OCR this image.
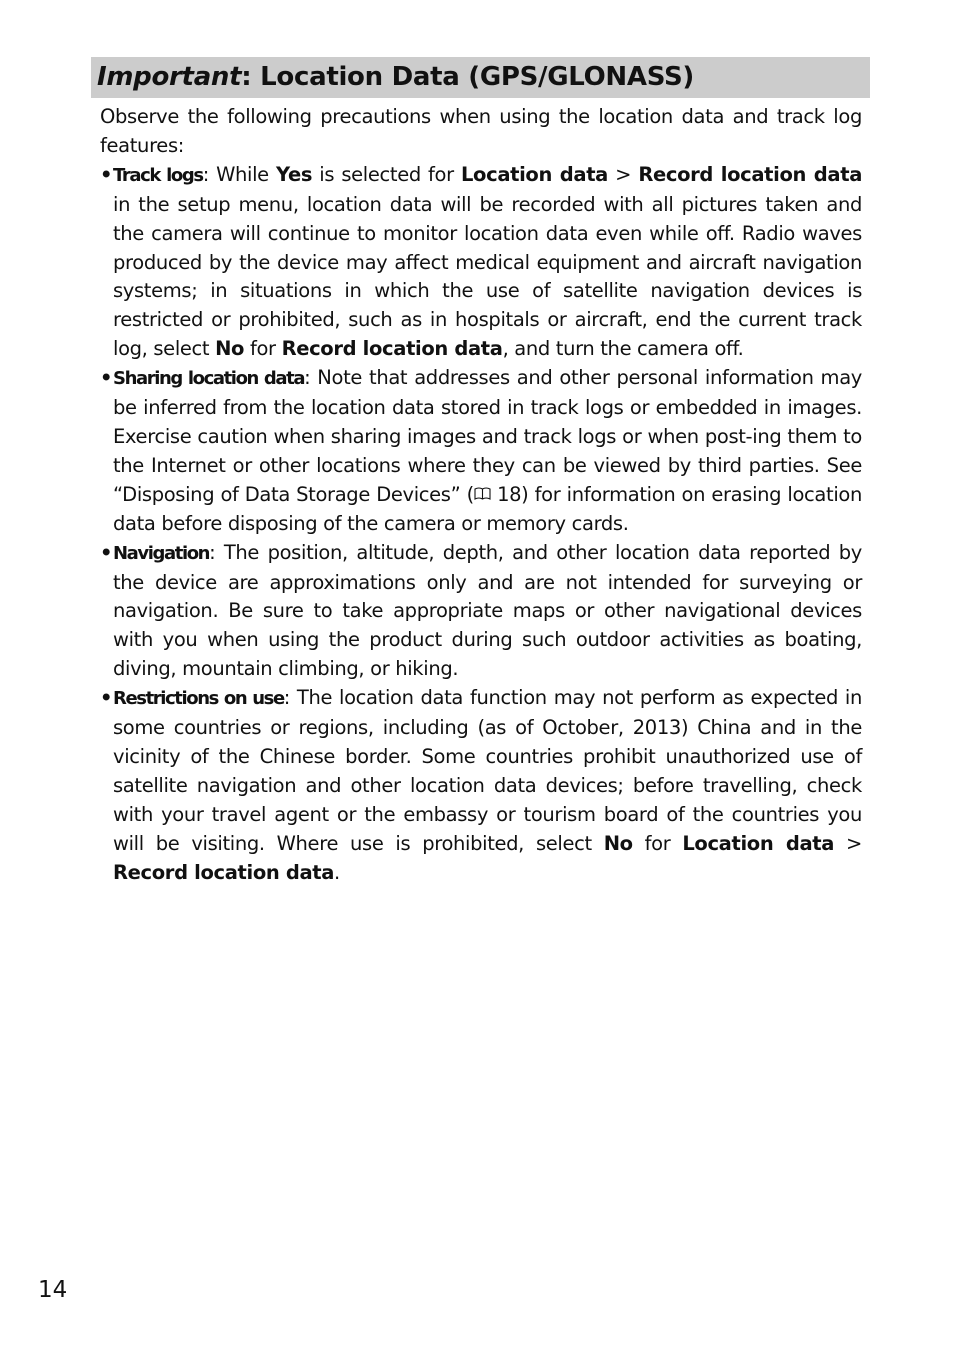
Important: Location Data (GPS/GLONASS)

Observe the following precautions when using the location data and track log features:

• Track logs: While Yes is selected for Location data > Record location data in the setup menu, location data will be recorded with all pictures taken and the camera will continue to monitor location data even while off. Radio waves produced by the device may affect medical equipment and aircraft navigation systems; in situations in which the use of satellite navigation devices is restricted or prohibited, such as in hospitals or aircraft, end the current track log, select No for Record location data, and turn the camera off.
• Sharing location data: Note that addresses and other personal information may be inferred from the location data stored in track logs or embedded in images. Exercise caution when sharing images and track logs or when post-ing them to the Internet or other locations where they can be viewed by third parties. See “Disposing of Data Storage Devices” ( 18) for information on erasing location data before disposing of the camera or memory cards.
• Navigation: The position, altitude, depth, and other location data reported by the device are approximations only and are not intended for surveying or navigation. Be sure to take appropriate maps or other navigational devices with you when using the product during such outdoor activities as boating, diving, mountain climbing, or hiking.
• Restrictions on use: The location data function may not perform as expected in some countries or regions, including (as of October, 2013) China and in the vicinity of the Chinese border. Some countries prohibit unauthorized use of satellite navigation and other location data devices; before travelling, check with your travel agent or the embassy or tourism board of the countries you will be visiting. Where use is prohibited, select No for Location data > Record location data.
14
